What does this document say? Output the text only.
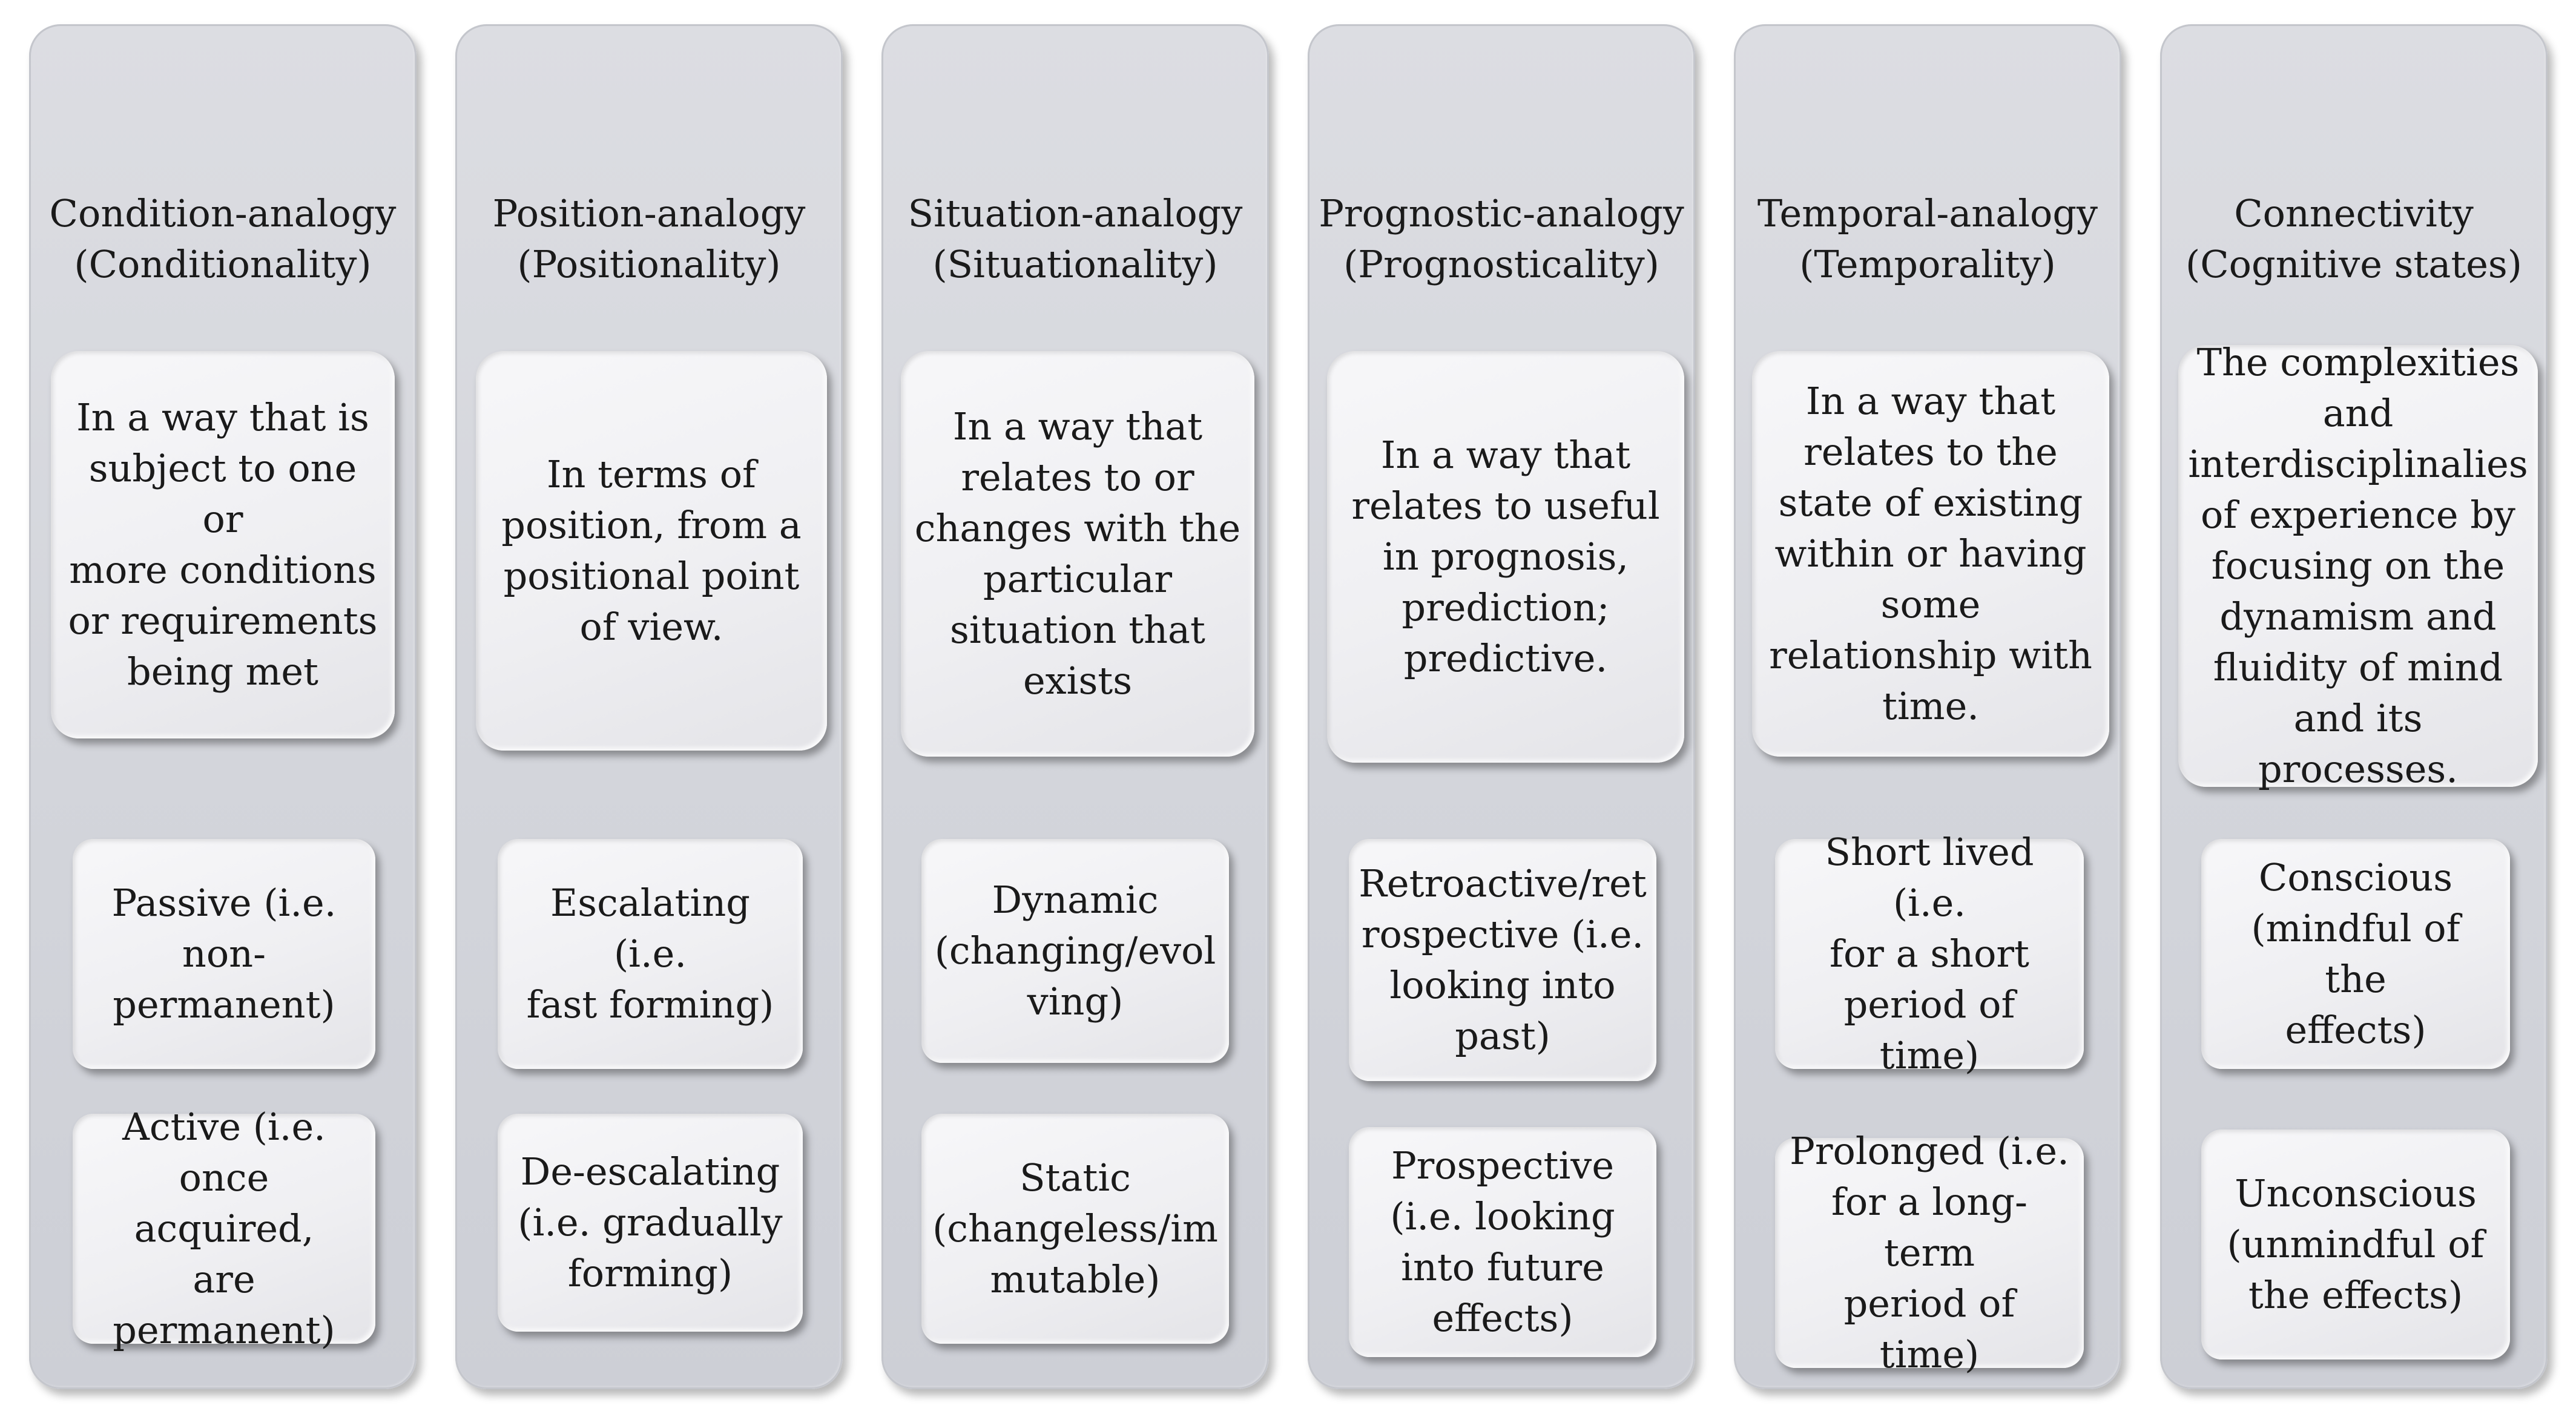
Condition-analogy
(Conditionality)
In a way that is
subject to one or
more conditions
or requirements
being met
Passive (i.e.
non-
permanent)
Active (i.e.
once acquired,
are permanent)
Position-analogy
(Positionality)
In terms of
position, from a
positional point
of view.
Escalating (i.e.
fast forming)
De-escalating
(i.e. gradually
forming)
Situation-analogy
(Situationality)
In a way that
relates to or
changes with the
particular
situation that
exists
Dynamic
(changing/evol
ving)
Static
(changeless/im
mutable)
Prognostic-analogy
(Prognosticality)
In a way that
relates to useful
in prognosis,
prediction;
predictive.
Retroactive/ret
rospective (i.e.
looking into
past)
Prospective
(i.e. looking
into future
effects)
Temporal-analogy
(Temporality)
In a way that
relates to the
state of existing
within or having
some
relationship with
time.
Short lived (i.e.
for a short
period of time)
Prolonged (i.e.
for a long-term
period of time)
Connectivity
(Cognitive states)
The complexities
and
interdisciplinalies
of experience by
focusing on the
dynamism and
fluidity of mind
and its processes.
Conscious
(mindful of the
effects)
Unconscious
(unmindful of
the effects)
